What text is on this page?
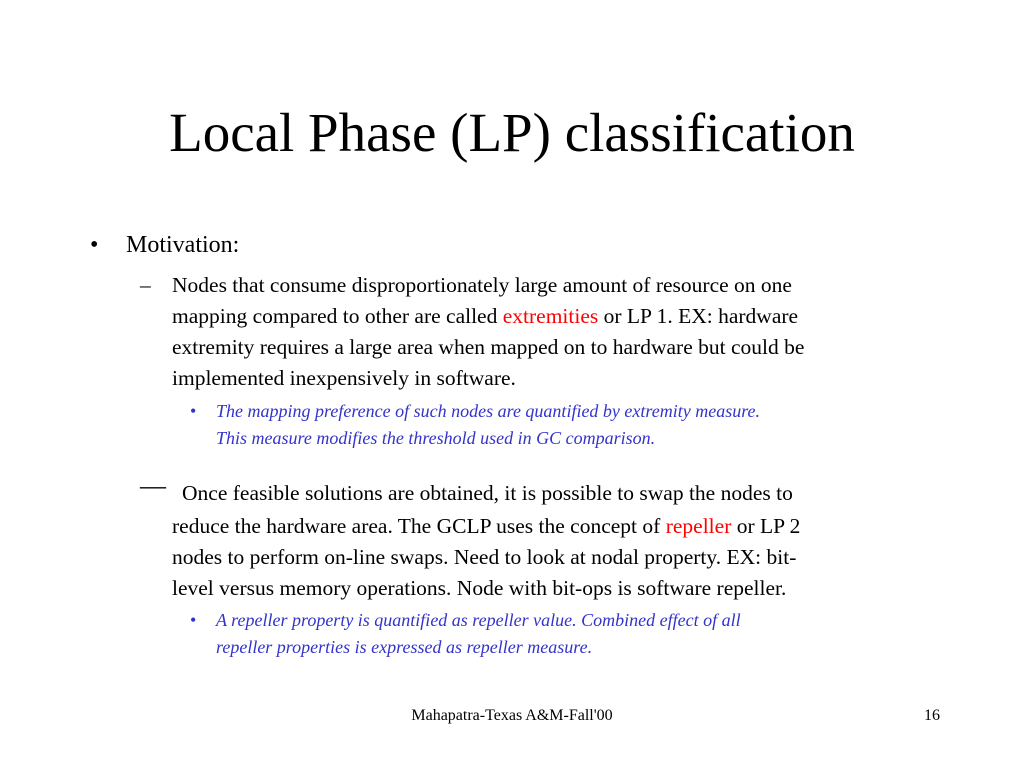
Local Phase (LP) classification
• Motivation:
– Nodes that consume disproportionately large amount of resource on one
mapping compared to other are called extremities or LP 1. EX: hardware
extremity requires a large area when mapped on to hardware but could be
implemented inexpensively in software.

• The mapping preference of such nodes are quantified by extremity measure.
This measure modifies the threshold used in GC comparison.

— Once feasible solutions are obtained, it is possible to swap the nodes to
reduce the hardware area. The GCLP uses the concept of repeller or LP 2
nodes to perform on-line swaps. Need to look at nodal property. EX: bit-
level versus memory operations. Node with bit-ops is software repeller.

• A repeller property is quantified as repeller value. Combined effect of all
repeller properties is expressed as repeller measure.

Mahapatra-Texas A&M-Fall'00	16
